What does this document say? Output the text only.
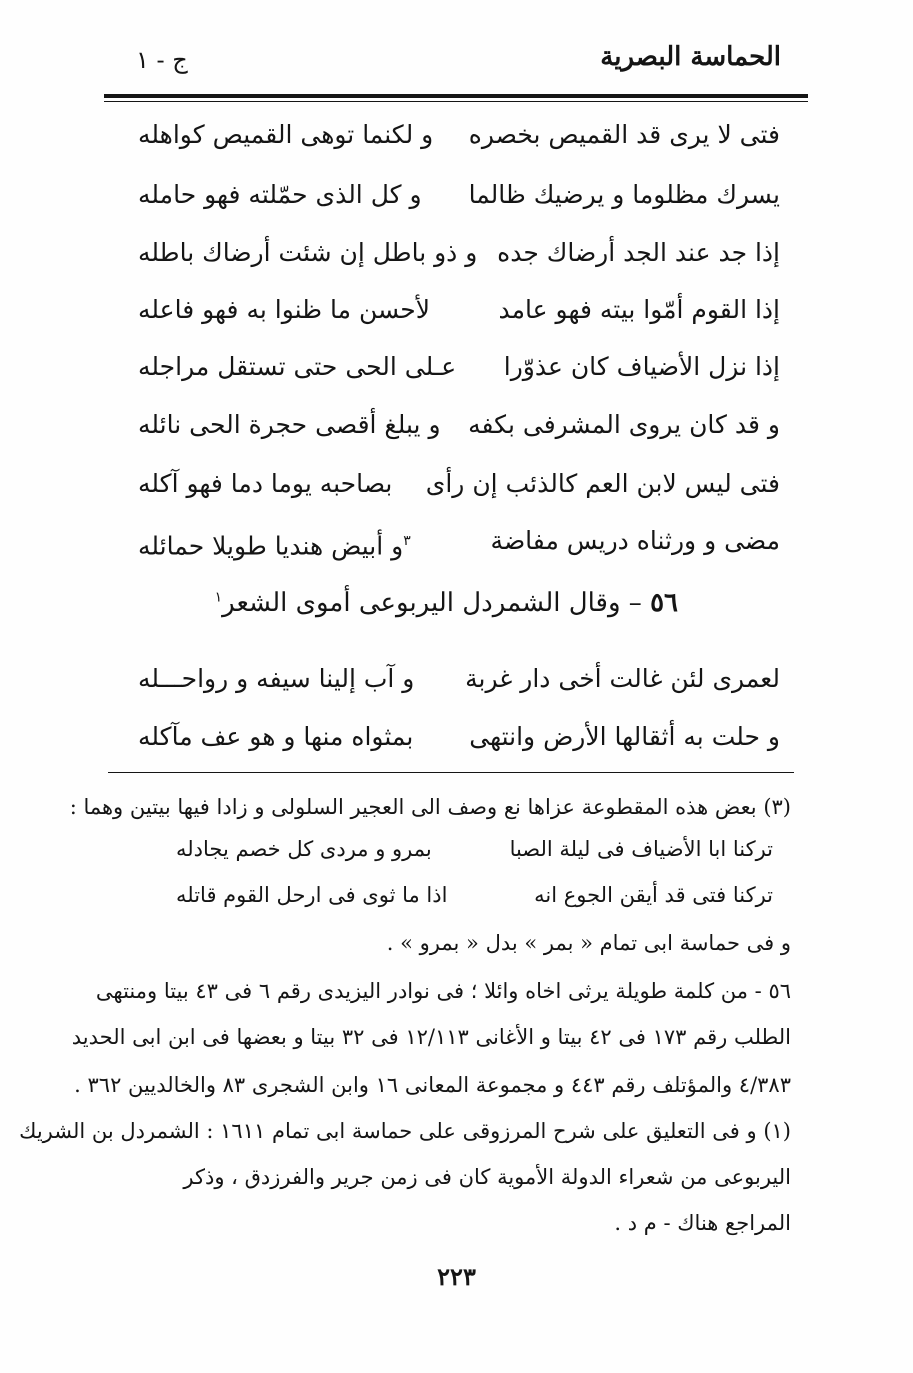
الحماسة البصرية
ج - ١
فتى لا يرى قد القميص بخصره
و لكنما توهى القميص كواهله
يسرك مظلوما و يرضيك ظالما
و كل الذى حمّلته فهو حامله
إذا جد عند الجد أرضاك جده
و ذو باطل إن شئت أرضاك باطله
إذا القوم أمّوا بيته فهو عامد
لأحسن ما ظنوا به فهو فاعله
إذا نزل الأضياف كان عذوّرا
عـلى الحى حتى تستقل مراجله
و قد كان يروى المشرفى بكفه
و يبلغ أقصى حجرة الحى نائله
فتى ليس لابن العم كالذئب إن رأى
بصاحبه يوما دما فهو آكله
مضى و ورثناه دريس مفاضة
$^٣$و أبيض هنديا طويلا حمائله
٥٦ – وقال الشمردل اليربوعى أموى الشعر$^١$
لعمرى لئن غالت أخى دار غربة
و آب إلينا سيفه و رواحـــله
و حلت به أثقالها الأرض وانتهى
بمثواه منها و هو عف مآكله
(٣) بعض هذه المقطوعة عزاها نع وصف الى العجير السلولى و زادا فيها بيتين وهما :
تركنا ابا الأضياف فى ليلة الصبا
بمرو و مردى كل خصم يجادله
تركنا فتى قد أيقن الجوع انه
اذا ما ثوى فى ارحل القوم قاتله
و فى حماسة ابى تمام « بمر » بدل « بمرو » .
٥٦ - من كلمة طويلة يرثى اخاه وائلا ؛ فى نوادر اليزيدى رقم ٦ فى ٤٣ بيتا ومنتهى
الطلب رقم ١٧٣ فى ٤٢ بيتا و الأغانى ١٢/١١٣ فى ٣٢ بيتا و بعضها فى ابن ابى الحديد
٤/٣٨٣ والمؤتلف رقم ٤٤٣ و مجموعة المعانى ١٦ وابن الشجرى ٨٣ والخالديين ٣٦٢ .
(١) و فى التعليق على شرح المرزوقى على حماسة ابى تمام ١٦١١ : الشمردل بن الشريك
اليربوعى من شعراء الدولة الأموية كان فى زمن جرير والفرزدق ، وذكر
المراجع هناك - م د .
٢٢٣
